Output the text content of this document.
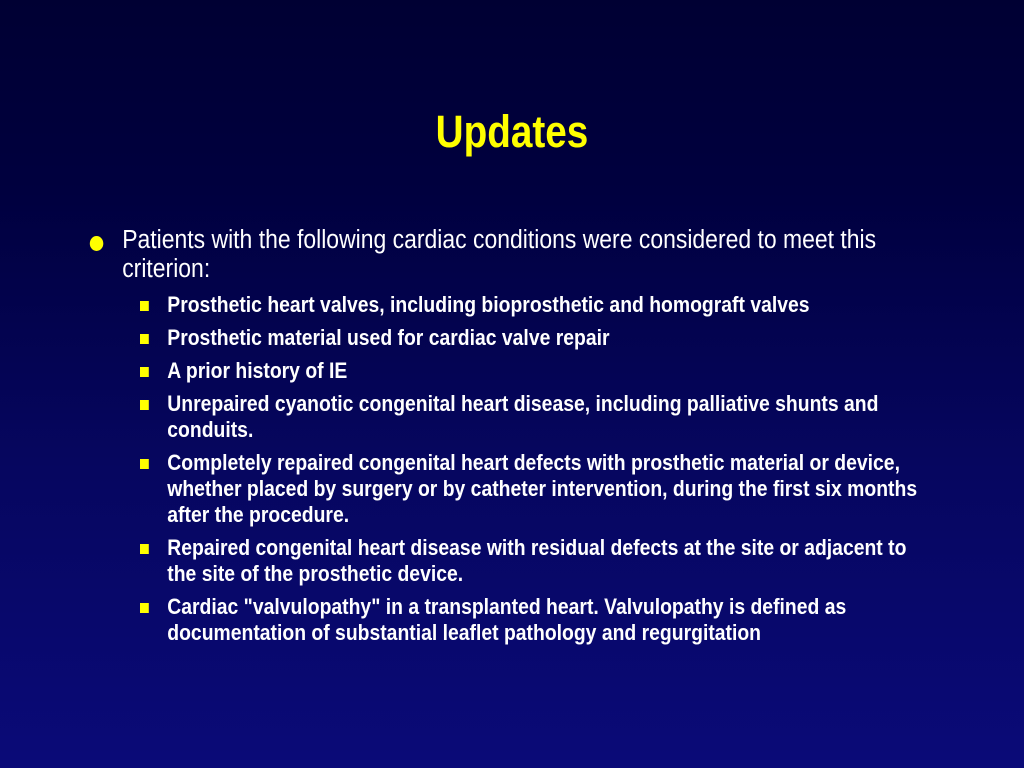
Updates
Patients with the following cardiac conditions were considered to meet this criterion:
Prosthetic heart valves, including bioprosthetic and homograft valves
Prosthetic material used for cardiac valve repair
A prior history of IE
Unrepaired cyanotic congenital heart disease, including palliative shunts and conduits.
Completely repaired congenital heart defects with prosthetic material or device, whether placed by surgery or by catheter intervention, during the first six months after the procedure.
Repaired congenital heart disease with residual defects at the site or adjacent to the site of the prosthetic device.
Cardiac "valvulopathy" in a transplanted heart. Valvulopathy is defined as documentation of substantial leaflet pathology and regurgitation
